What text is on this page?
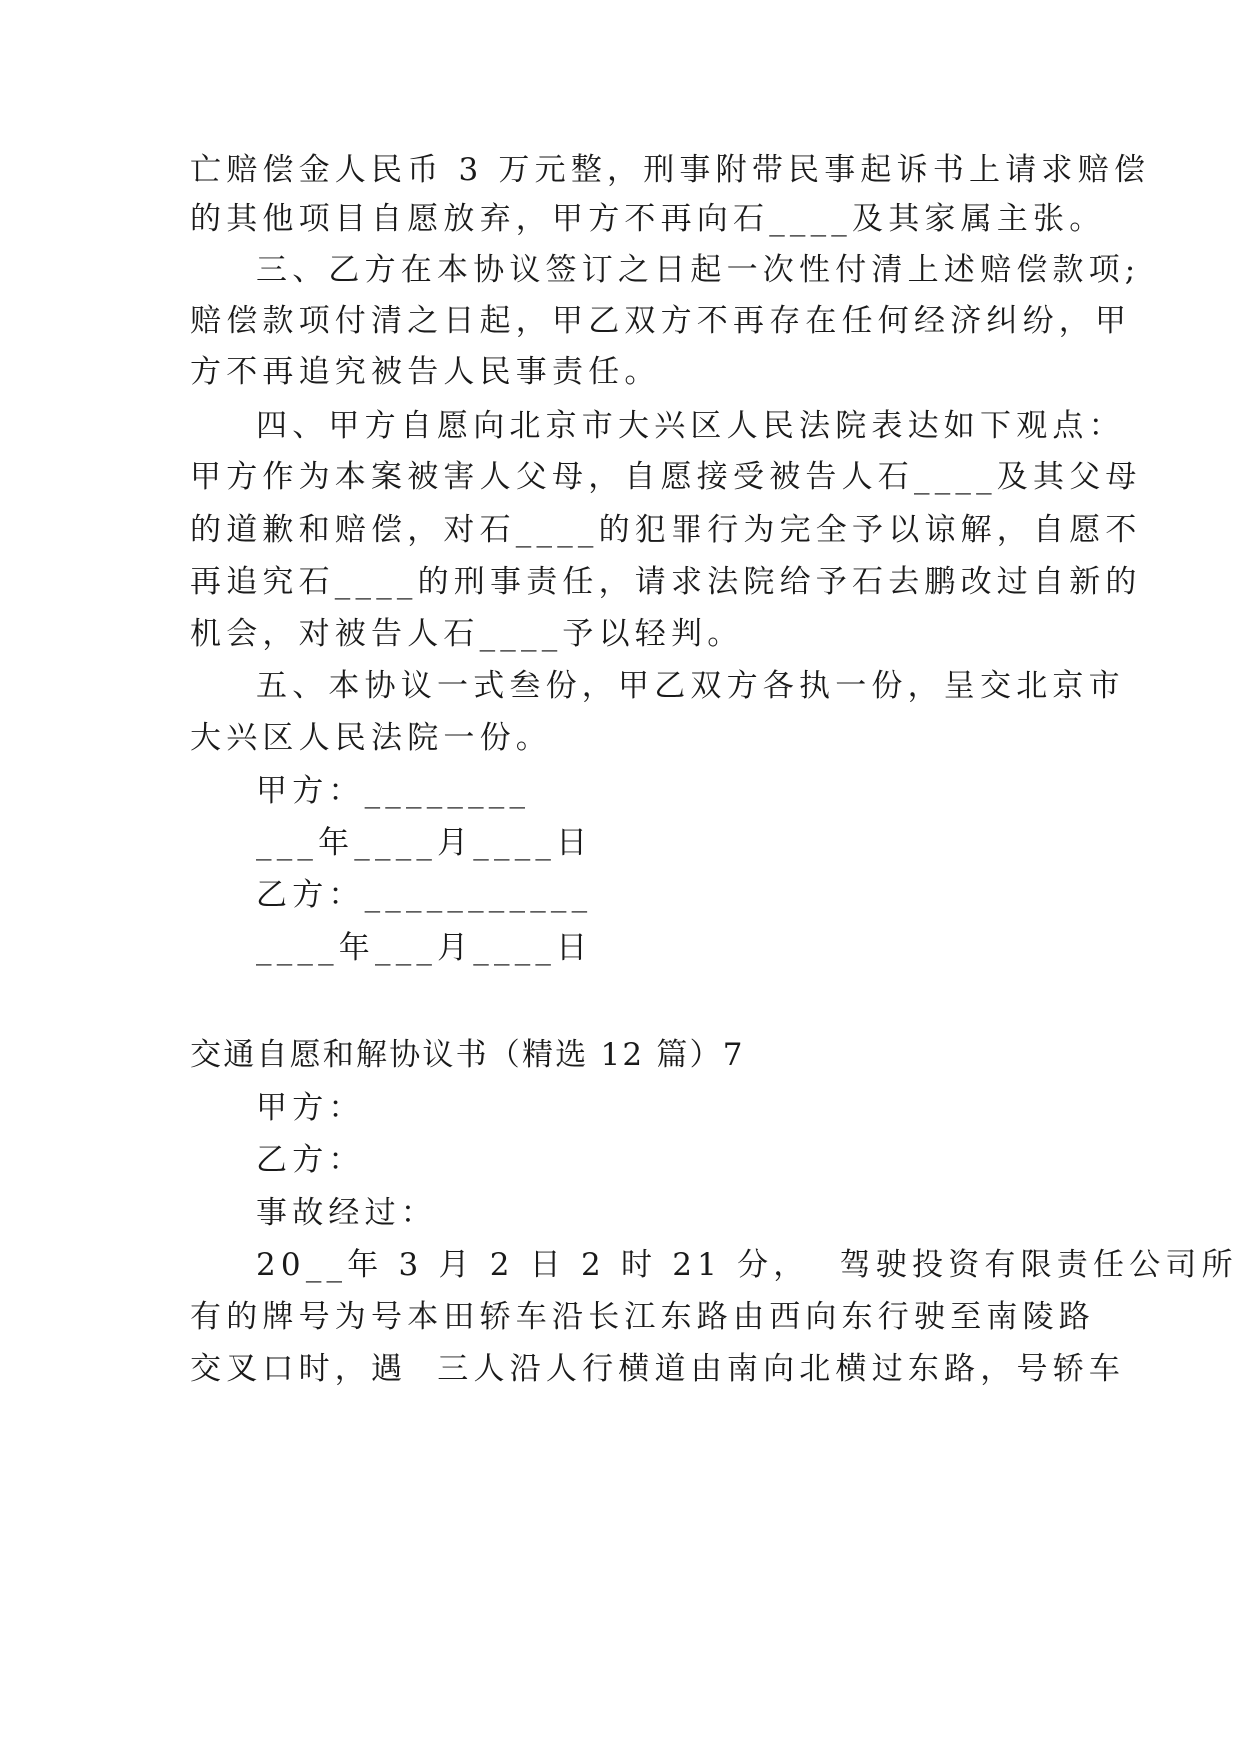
亡赔偿金人民币 3 万元整，刑事附带民事起诉书上请求赔偿
的其他项目自愿放弃，甲方不再向石____及其家属主张。
三、乙方在本协议签订之日起一次性付清上述赔偿款项;
赔偿款项付清之日起，甲乙双方不再存在任何经济纠纷，甲
方不再追究被告人民事责任。
四、甲方自愿向北京市大兴区人民法院表达如下观点：
甲方作为本案被害人父母，自愿接受被告人石____及其父母
的道歉和赔偿，对石____的犯罪行为完全予以谅解，自愿不
再追究石____的刑事责任，请求法院给予石去鹏改过自新的
机会，对被告人石____予以轻判。
五、本协议一式叁份，甲乙双方各执一份，呈交北京市
大兴区人民法院一份。
甲方：________
___年____月____日
乙方：___________
____年___月____日
交通自愿和解协议书（精选 12 篇）7
甲方：
乙方：
事故经过：
20__年 3 月 2 日 2 时 21 分，  驾驶投资有限责任公司所
有的牌号为号本田轿车沿长江东路由西向东行驶至南陵路
交叉口时，遇  三人沿人行横道由南向北横过东路，号轿车
